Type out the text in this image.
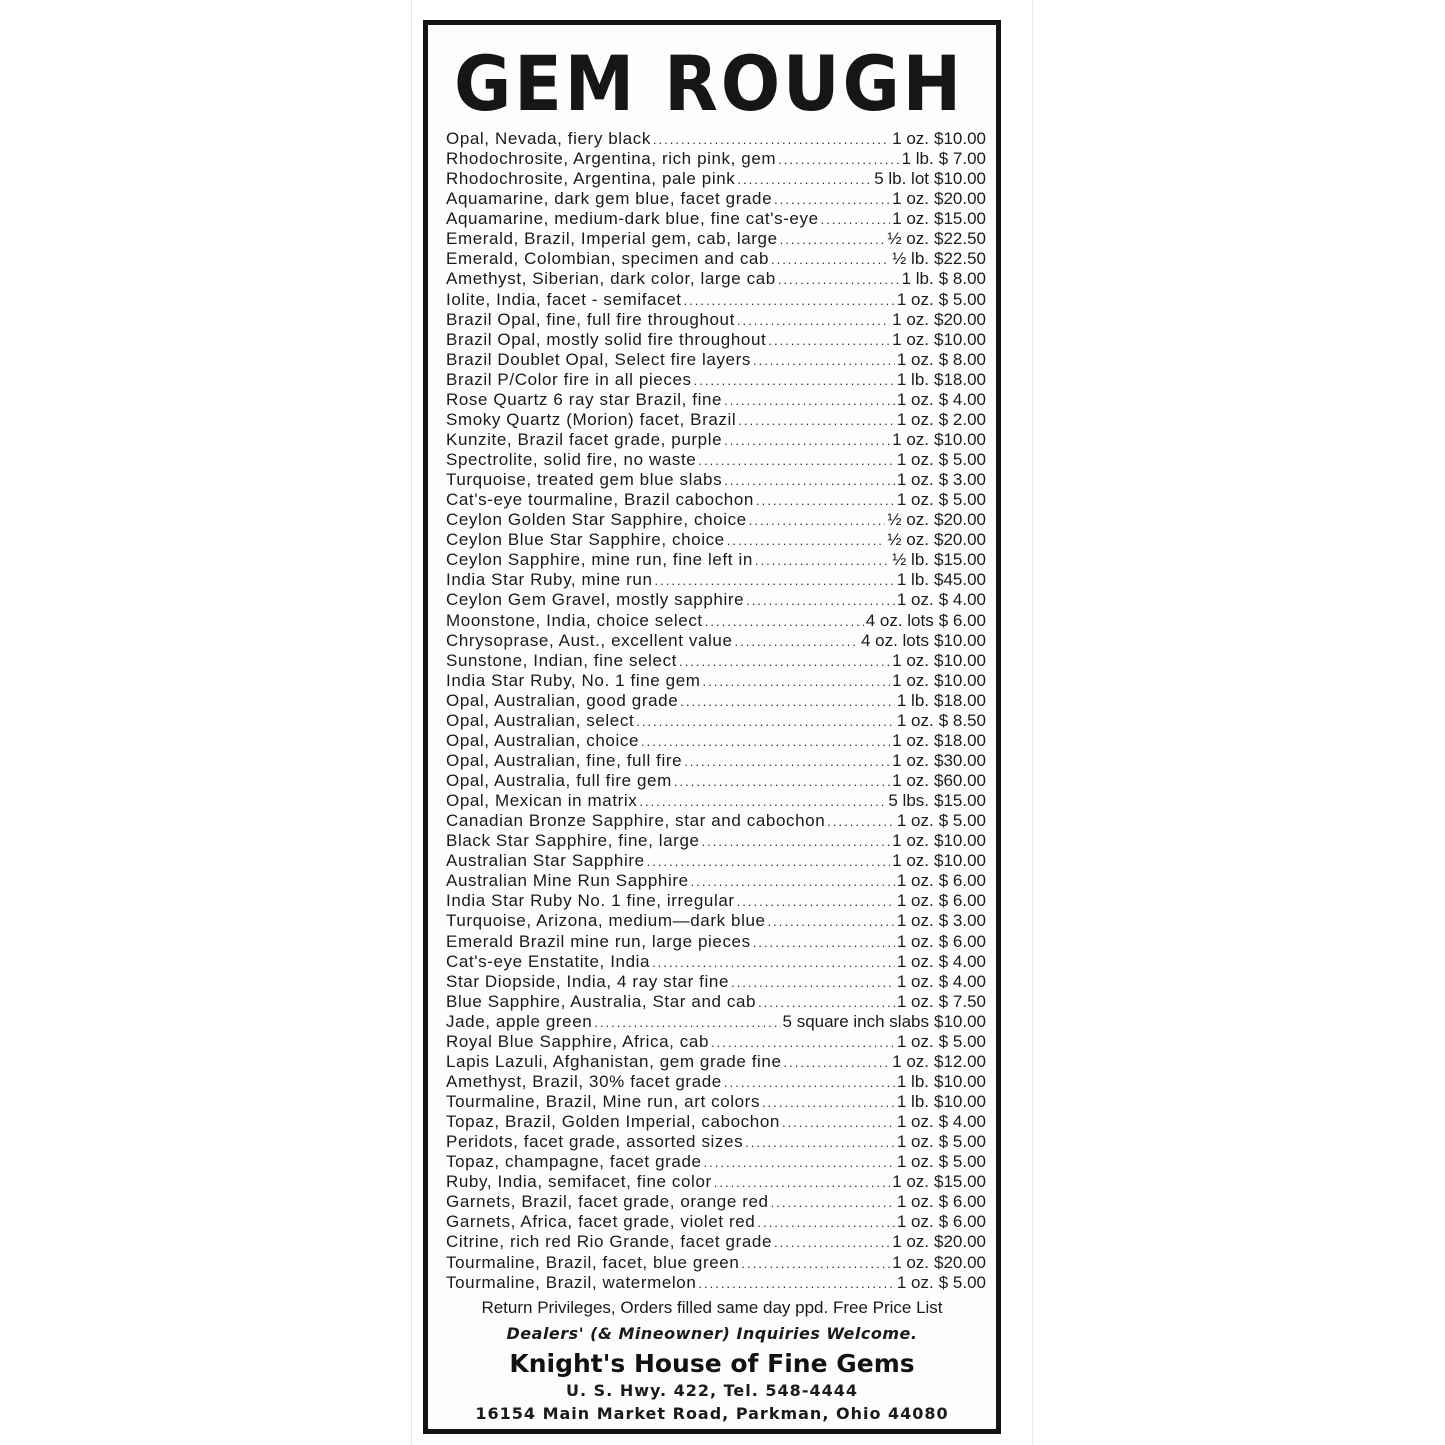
GEM ROUGH
Opal, Nevada, fiery black .....	1 oz. $10.00
Rhodochrosite, Argentina, rich pink, gem .....	1 lb. $ 7.00
Rhodochrosite, Argentina, pale pink .....	5 lb. lot $10.00
Aquamarine, dark gem blue, facet grade .....	1 oz. $20.00
Aquamarine, medium-dark blue, fine cat's-eye .....	1 oz. $15.00
Emerald, Brazil, Imperial gem, cab, large .....	½ oz. $22.50
Emerald, Colombian, specimen and cab .....	½ lb. $22.50
Amethyst, Siberian, dark color, large cab .....	1 lb. $ 8.00
Iolite, India, facet - semifacet .....	1 oz. $ 5.00
Brazil Opal, fine, full fire throughout .....	1 oz. $20.00
Brazil Opal, mostly solid fire throughout .....	1 oz. $10.00
Brazil Doublet Opal, Select fire layers .....	1 oz. $ 8.00
Brazil P/Color fire in all pieces .....	1 lb. $18.00
Rose Quartz 6 ray star Brazil, fine .....	1 oz. $ 4.00
Smoky Quartz (Morion) facet, Brazil .....	1 oz. $ 2.00
Kunzite, Brazil facet grade, purple .....	1 oz. $10.00
Spectrolite, solid fire, no waste .....	1 oz. $ 5.00
Turquoise, treated gem blue slabs .....	1 oz. $ 3.00
Cat's-eye tourmaline, Brazil cabochon .....	1 oz. $ 5.00
Ceylon Golden Star Sapphire, choice .....	½ oz. $20.00
Ceylon Blue Star Sapphire, choice .....	½ oz. $20.00
Ceylon Sapphire, mine run, fine left in .....	½ lb. $15.00
India Star Ruby, mine run .....	1 lb. $45.00
Ceylon Gem Gravel, mostly sapphire .....	1 oz. $ 4.00
Moonstone, India, choice select .....	4 oz. lots $ 6.00
Chrysoprase, Aust., excellent value .....	4 oz. lots $10.00
Sunstone, Indian, fine select .....	1 oz. $10.00
India Star Ruby, No. 1 fine gem .....	1 oz. $10.00
Opal, Australian, good grade .....	1 lb. $18.00
Opal, Australian, select .....	1 oz. $ 8.50
Opal, Australian, choice .....	1 oz. $18.00
Opal, Australian, fine, full fire .....	1 oz. $30.00
Opal, Australia, full fire gem .....	1 oz. $60.00
Opal, Mexican in matrix .....	5 lbs. $15.00
Canadian Bronze Sapphire, star and cabochon .....	1 oz. $ 5.00
Black Star Sapphire, fine, large .....	1 oz. $10.00
Australian Star Sapphire .....	1 oz. $10.00
Australian Mine Run Sapphire .....	1 oz. $ 6.00
India Star Ruby No. 1 fine, irregular .....	1 oz. $ 6.00
Turquoise, Arizona, medium—dark blue .....	1 oz. $ 3.00
Emerald Brazil mine run, large pieces .....	1 oz. $ 6.00
Cat's-eye Enstatite, India .....	1 oz. $ 4.00
Star Diopside, India, 4 ray star fine .....	1 oz. $ 4.00
Blue Sapphire, Australia, Star and cab .....	1 oz. $ 7.50
Jade, apple green .....	5 square inch slabs $10.00
Royal Blue Sapphire, Africa, cab .....	1 oz. $ 5.00
Lapis Lazuli, Afghanistan, gem grade fine .....	1 oz. $12.00
Amethyst, Brazil, 30% facet grade .....	1 lb. $10.00
Tourmaline, Brazil, Mine run, art colors .....	1 lb. $10.00
Topaz, Brazil, Golden Imperial, cabochon .....	1 oz. $ 4.00
Peridots, facet grade, assorted sizes .....	1 oz. $ 5.00
Topaz, champagne, facet grade .....	1 oz. $ 5.00
Ruby, India, semifacet, fine color .....	1 oz. $15.00
Garnets, Brazil, facet grade, orange red .....	1 oz. $ 6.00
Garnets, Africa, facet grade, violet red .....	1 oz. $ 6.00
Citrine, rich red Rio Grande, facet grade .....	1 oz. $20.00
Tourmaline, Brazil, facet, blue green .....	1 oz. $20.00
Tourmaline, Brazil, watermelon .....	1 oz. $ 5.00
Return Privileges, Orders filled same day ppd. Free Price List
Dealers' (& Mineowner) Inquiries Welcome.
Knight's House of Fine Gems
U. S. Hwy. 422, Tel. 548-4444
16154 Main Market Road, Parkman, Ohio 44080
